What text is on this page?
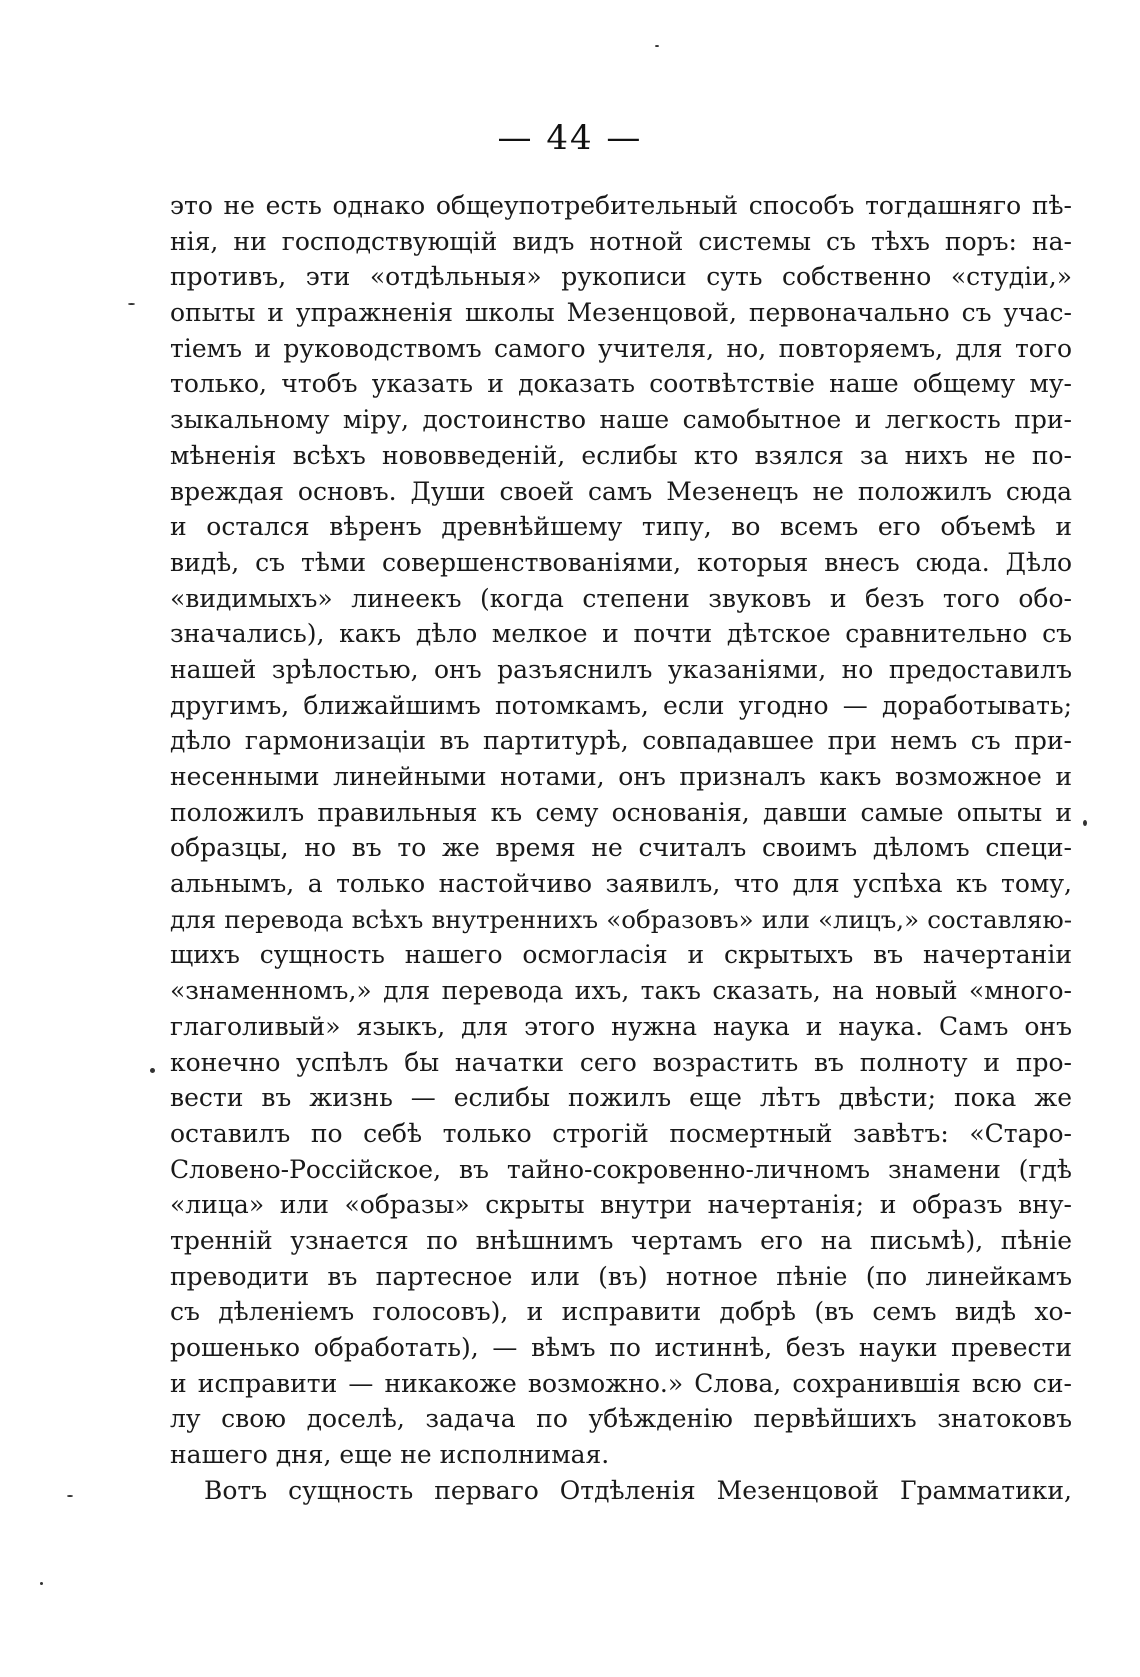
— 44 —
это не есть однако общеупотребительный способъ тогдашняго пѣ-
нія, ни господствующій видъ нотной системы съ тѣхъ поръ: на-
противъ, эти «отдѣльныя» рукописи суть собственно «студіи,»
опыты и упражненія школы Мезенцовой, первоначально съ учас-
тіемъ и руководствомъ самого учителя, но, повторяемъ, для того
только, чтобъ указать и доказать соотвѣтствіе наше общему му-
зыкальному міру, достоинство наше самобытное и легкость при-
мѣненія всѣхъ нововведеній, еслибы кто взялся за нихъ не по-
вреждая основъ. Души своей самъ Мезенецъ не положилъ сюда
и остался вѣренъ древнѣйшему типу, во всемъ его объемѣ и
видѣ, съ тѣми совершенствованіями, которыя внесъ сюда. Дѣло
«видимыхъ» линеекъ (когда степени звуковъ и безъ того обо-
значались), какъ дѣло мелкое и почти дѣтское сравнительно съ
нашей зрѣлостью, онъ разъяснилъ указаніями, но предоставилъ
другимъ, ближайшимъ потомкамъ, если угодно — доработывать;
дѣло гармонизаціи въ партитурѣ, совпадавшее при немъ съ при-
несенными линейными нотами, онъ призналъ какъ возможное и
положилъ правильныя къ сему основанія, давши самые опыты и
образцы, но въ то же время не считалъ своимъ дѣломъ специ-
альнымъ, а только настойчиво заявилъ, что для успѣха къ тому,
для перевода всѣхъ внутреннихъ «образовъ» или «лицъ,» составляю-
щихъ сущность нашего осмогласія и скрытыхъ въ начертаніи
«знаменномъ,» для перевода ихъ, такъ сказать, на новый «много-
глаголивый» языкъ, для этого нужна наука и наука. Самъ онъ
конечно успѣлъ бы начатки сего возрастить въ полноту и про-
вести въ жизнь — еслибы пожилъ еще лѣтъ двѣсти; пока же
оставилъ по себѣ только строгій посмертный завѣтъ: «Старо-
Словено-Россійское, въ тайно-сокровенно-личномъ знамени (гдѣ
«лица» или «образы» скрыты внутри начертанія; и образъ вну-
тренній узнается по внѣшнимъ чертамъ его на письмѣ), пѣніе
преводити въ партесное или (въ) нотное пѣніе (по линейкамъ
съ дѣленіемъ голосовъ), и исправити добрѣ (въ семъ видѣ хо-
рошенько обработать), — вѣмъ по истиннѣ, безъ науки превести
и исправити — никакоже возможно.» Слова, сохранившія всю си-
лу свою доселѣ, задача по убѣжденію первѣйшихъ знатоковъ
нашего дня, еще не исполнимая.
Вотъ сущность перваго Отдѣленія Мезенцовой Грамматики,
